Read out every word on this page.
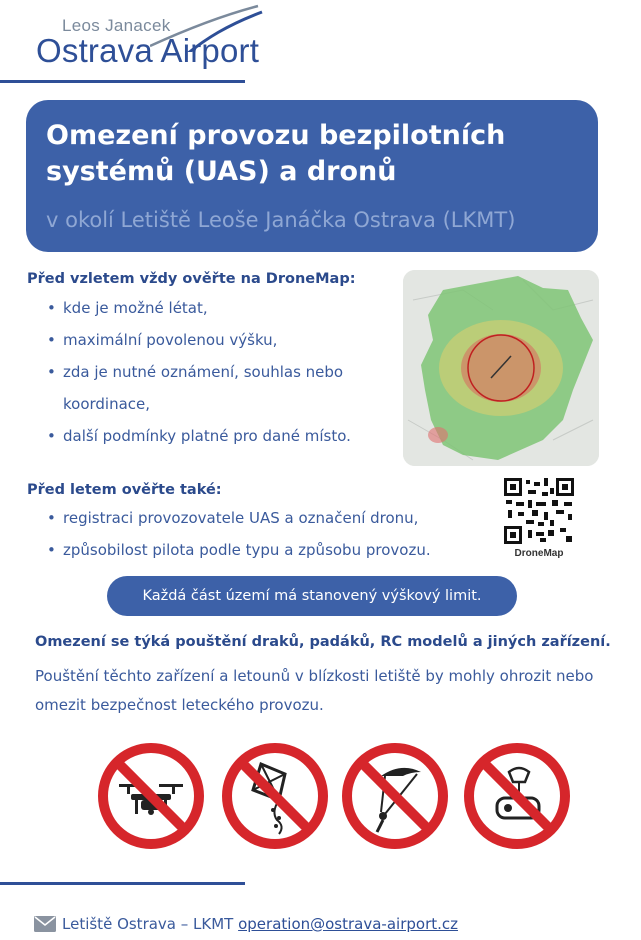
Leos Janacek
Ostrava Airport
Omezení provozu bezpilotních systémů (UAS) a dronů
v okolí Letiště Leoše Janáčka Ostrava (LKMT)
Před vzletem vždy ověřte na DroneMap:
• kde je možné létat,
• maximální povolenou výšku,
• zda je nutné oznámení, souhlas nebo
koordinace,
• další podmínky platné pro dané místo.
Před letem ověřte také:
• registraci provozovatele UAS a označení dronu,
• způsobilost pilota podle typu a způsobu provozu.	DroneMap
Každá část území má stanovený výškový limit.
Omezení se týká pouštění draků, padáků, RC modelů a jiných zařízení.
Pouštění těchto zařízení a letounů v blízkosti letiště by mohly ohrozit nebo omezit bezpečnost leteckého provozu.
Letiště Ostrava – LKMT operation@ostrava-airport.cz
